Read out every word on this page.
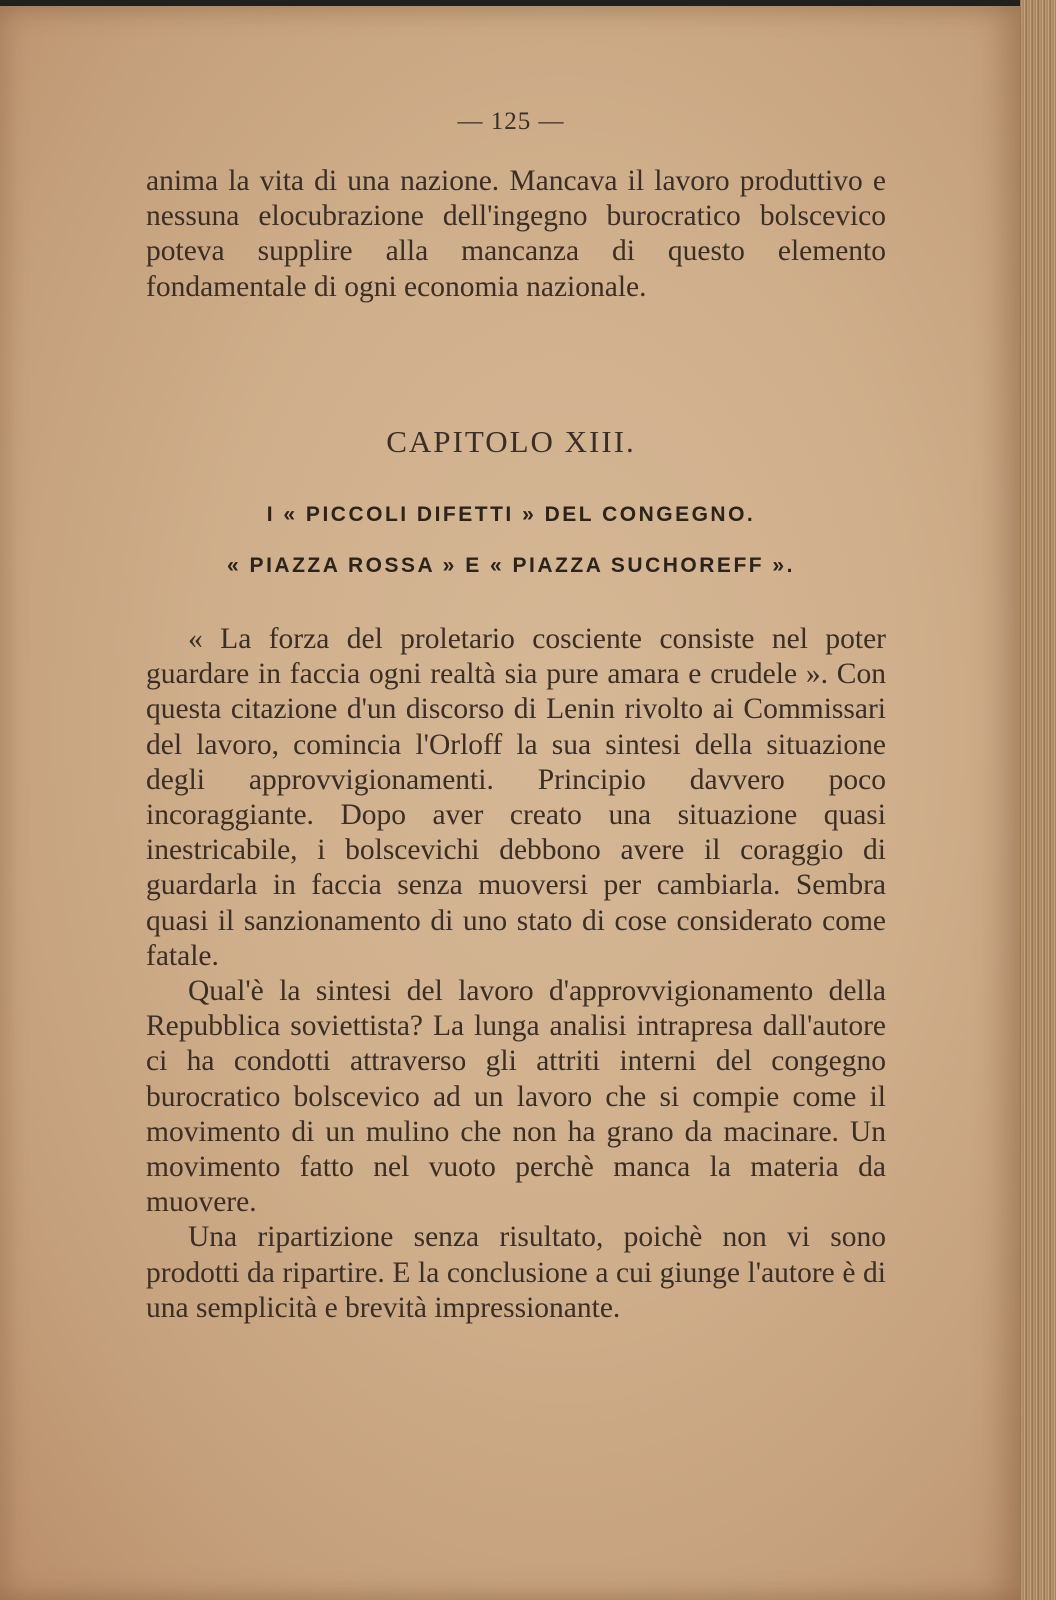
— 125 —

anima la vita di una nazione. Mancava il lavoro produttivo e nessuna elocubrazione dell'ingegno burocratico bolscevico poteva supplire alla mancanza di questo elemento fondamentale di ogni economia nazionale.

CAPITOLO XIII.
I « PICCOLI DIFETTI » DEL CONGEGNO.
« PIAZZA ROSSA » E « PIAZZA SUCHOREFF ».

« La forza del proletario cosciente consiste nel poter guardare in faccia ogni realtà sia pure amara e crudele ». Con questa citazione d'un discorso di Lenin rivolto ai Commissari del lavoro, comincia l'Orloff la sua sintesi della situazione degli approvvigionamenti. Principio davvero poco incoraggiante. Dopo aver creato una situazione quasi inestricabile, i bolscevichi debbono avere il coraggio di guardarla in faccia senza muoversi per cambiarla. Sembra quasi il sanzionamento di uno stato di cose considerato come fatale.

Qual'è la sintesi del lavoro d'approvvigionamento della Repubblica soviettista? La lunga analisi intrapresa dall'autore ci ha condotti attraverso gli attriti interni del congegno burocratico bolscevico ad un lavoro che si compie come il movimento di un mulino che non ha grano da macinare. Un movimento fatto nel vuoto perchè manca la materia da muovere.

Una ripartizione senza risultato, poichè non vi sono prodotti da ripartire. E la conclusione a cui giunge l'autore è di una semplicità e brevità impressionante.
